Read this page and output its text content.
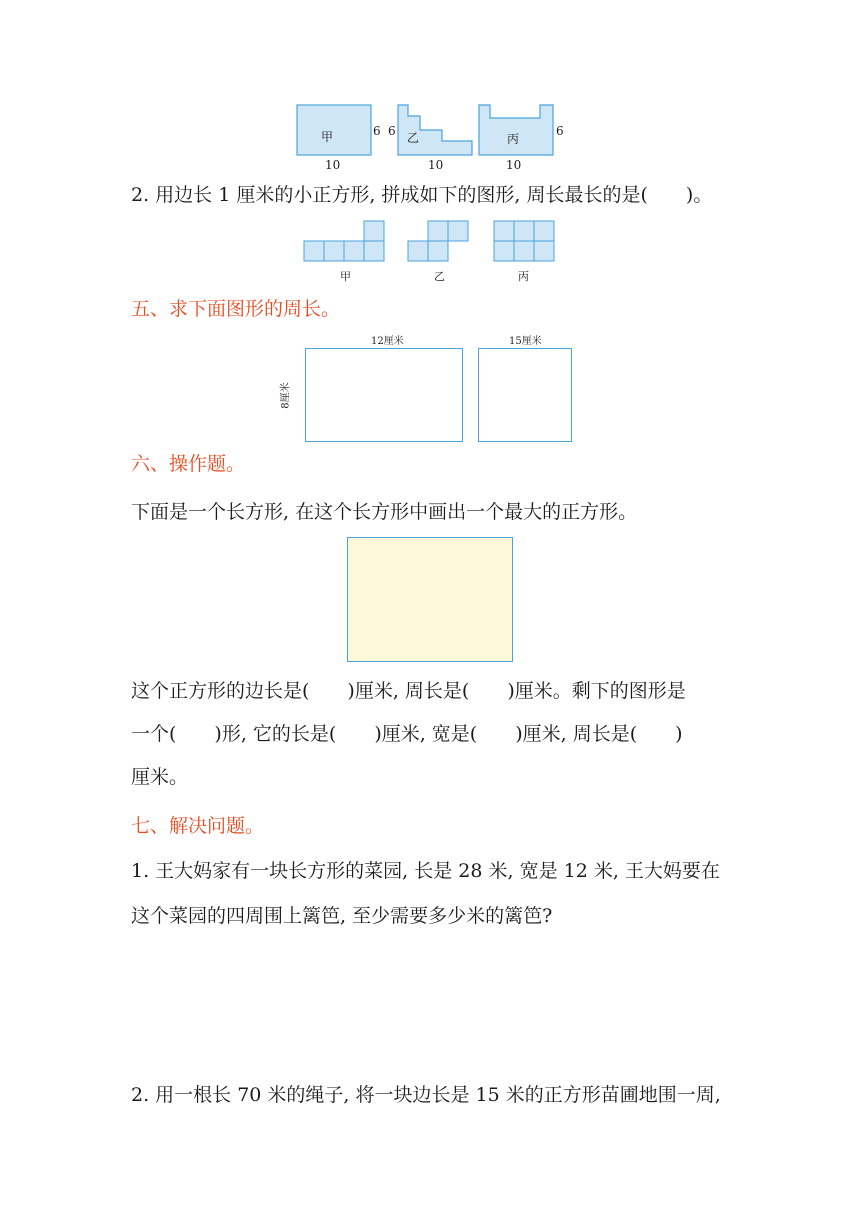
甲	6
10
6 乙
10
丙
6
10
2. 用边长 1 厘米的小正方形, 拼成如下的图形, 周长最长的是(　　)。
甲	乙	丙
五、求下面图形的周长。
12厘米	15厘米
8厘米
六、操作题。
下面是一个长方形, 在这个长方形中画出一个最大的正方形。
这个正方形的边长是(　　)厘米, 周长是(　　)厘米。剩下的图形是
一个(　　)形, 它的长是(　　)厘米, 宽是(　　)厘米, 周长是(　　)
厘米。
七、解决问题。
1. 王大妈家有一块长方形的菜园, 长是 28 米, 宽是 12 米, 王大妈要在
这个菜园的四周围上篱笆, 至少需要多少米的篱笆?
2. 用一根长 70 米的绳子, 将一块边长是 15 米的正方形苗圃地围一周,
